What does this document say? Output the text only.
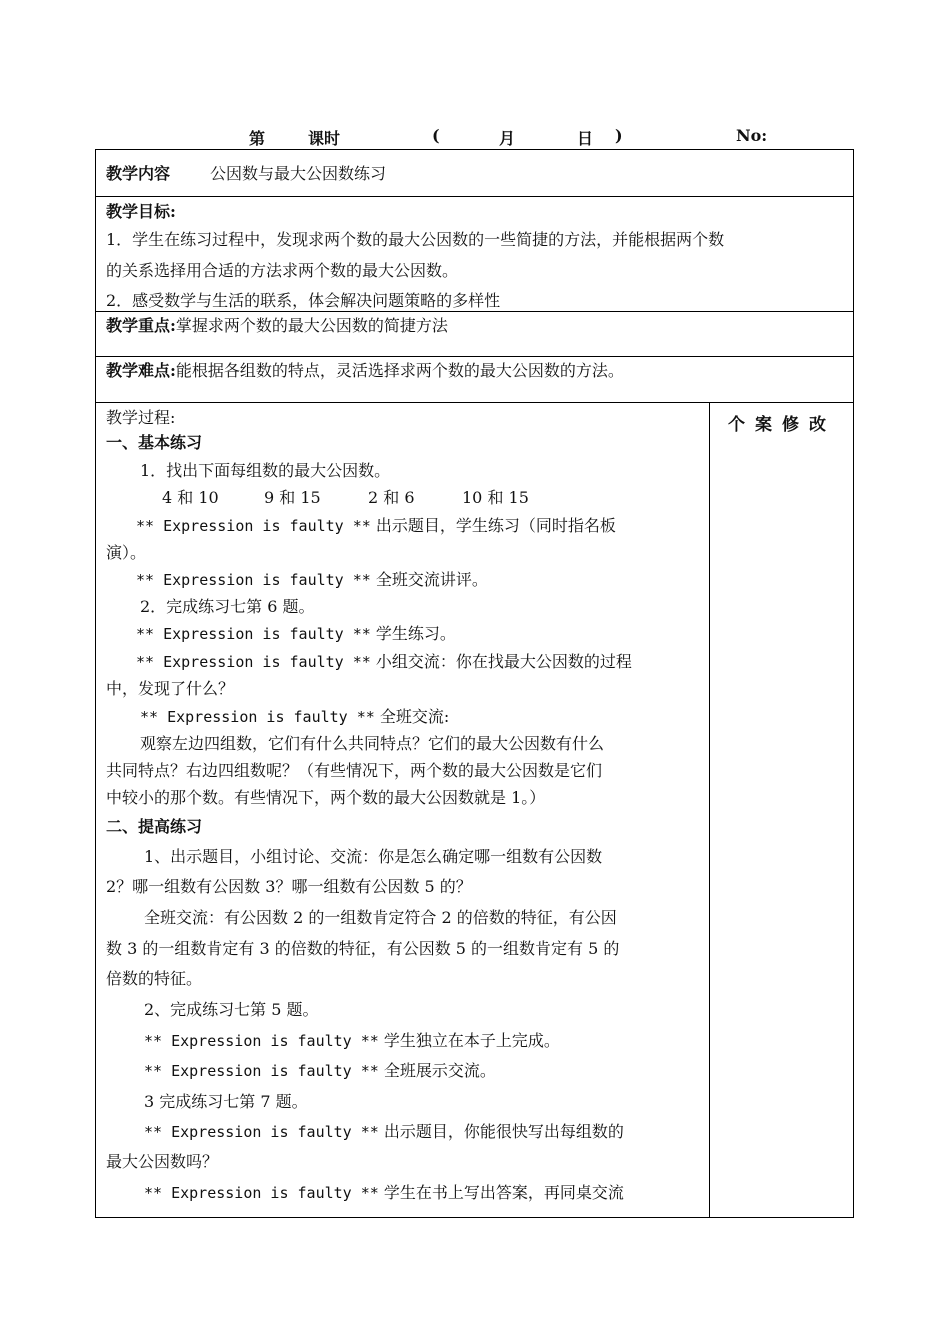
第	课时	(	月	日 )	No:
教学内容 公因数与最大公因数练习
教学目标:
1．学生在练习过程中，发现求两个数的最大公因数的一些简捷的方法，并能根据两个数
的关系选择用合适的方法求两个数的最大公因数。
2．感受数学与生活的联系，体会解决问题策略的多样性
教学重点:掌握求两个数的最大公因数的简捷方法
教学难点:能根据各组数的特点，灵活选择求两个数的最大公因数的方法。
个案修改
教学过程:
一、基本练习
1．找出下面每组数的最大公因数。
4 和 10	9 和 15	2 和 6	10 和 15
** Expression is faulty ** 出示题目，学生练习（同时指名板
演）。
** Expression is faulty ** 全班交流讲评。
2．完成练习七第 6 题。
** Expression is faulty ** 学生练习。
** Expression is faulty ** 小组交流：你在找最大公因数的过程
中，发现了什么？
** Expression is faulty ** 全班交流:
观察左边四组数，它们有什么共同特点？它们的最大公因数有什么
共同特点？右边四组数呢？（有些情况下，两个数的最大公因数是它们
中较小的那个数。有些情况下，两个数的最大公因数就是 1。）
二、提高练习
1、出示题目，小组讨论、交流：你是怎么确定哪一组数有公因数
2？哪一组数有公因数 3？哪一组数有公因数 5 的？
全班交流：有公因数 2 的一组数肯定符合 2 的倍数的特征，有公因
数 3 的一组数肯定有 3 的倍数的特征，有公因数 5 的一组数肯定有 5 的
倍数的特征。
2、完成练习七第 5 题。
** Expression is faulty ** 学生独立在本子上完成。
** Expression is faulty ** 全班展示交流。
3 完成练习七第 7 题。
** Expression is faulty ** 出示题目，你能很快写出每组数的
最大公因数吗？
** Expression is faulty ** 学生在书上写出答案，再同桌交流
